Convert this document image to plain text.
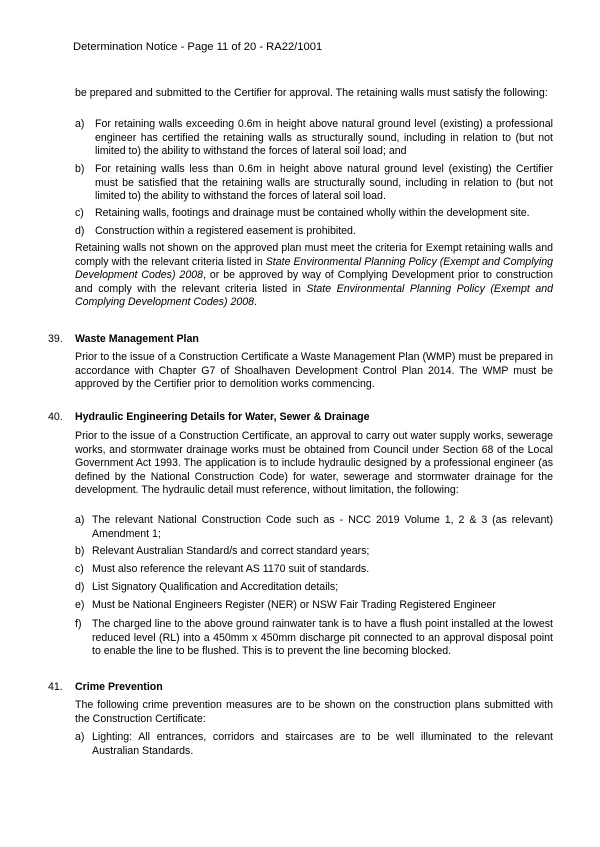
Determination Notice - Page 11 of 20 - RA22/1001

be prepared and submitted to the Certifier for approval. The retaining walls must satisfy the following:

a) For retaining walls exceeding 0.6m in height above natural ground level (existing) a professional engineer has certified the retaining walls as structurally sound, including in relation to (but not limited to) the ability to withstand the forces of lateral soil load; and
b) For retaining walls less than 0.6m in height above natural ground level (existing) the Certifier must be satisfied that the retaining walls are structurally sound, including in relation to (but not limited to) the ability to withstand the forces of lateral soil load.
c) Retaining walls, footings and drainage must be contained wholly within the development site.
d) Construction within a registered easement is prohibited.

Retaining walls not shown on the approved plan must meet the criteria for Exempt retaining walls and comply with the relevant criteria listed in State Environmental Planning Policy (Exempt and Complying Development Codes) 2008, or be approved by way of Complying Development prior to construction and comply with the relevant criteria listed in State Environmental Planning Policy (Exempt and Complying Development Codes) 2008.

39. Waste Management Plan

Prior to the issue of a Construction Certificate a Waste Management Plan (WMP) must be prepared in accordance with Chapter G7 of Shoalhaven Development Control Plan 2014. The WMP must be approved by the Certifier prior to demolition works commencing.

40. Hydraulic Engineering Details for Water, Sewer & Drainage

Prior to the issue of a Construction Certificate, an approval to carry out water supply works, sewerage works, and stormwater drainage works must be obtained from Council under Section 68 of the Local Government Act 1993. The application is to include hydraulic designed by a professional engineer (as defined by the National Construction Code) for water, sewerage and stormwater drainage for the development. The hydraulic detail must reference, without limitation, the following:

a) The relevant National Construction Code such as - NCC 2019 Volume 1, 2 & 3 (as relevant) Amendment 1;
b) Relevant Australian Standard/s and correct standard years;
c) Must also reference the relevant AS 1170 suit of standards.
d) List Signatory Qualification and Accreditation details;
e) Must be National Engineers Register (NER) or NSW Fair Trading Registered Engineer
f) The charged line to the above ground rainwater tank is to have a flush point installed at the lowest reduced level (RL) into a 450mm x 450mm discharge pit connected to an approval disposal point to enable the line to be flushed. This is to prevent the line becoming blocked.
41. Crime Prevention

The following crime prevention measures are to be shown on the construction plans submitted with the Construction Certificate:

a) Lighting: All entrances, corridors and staircases are to be well illuminated to the relevant Australian Standards.
